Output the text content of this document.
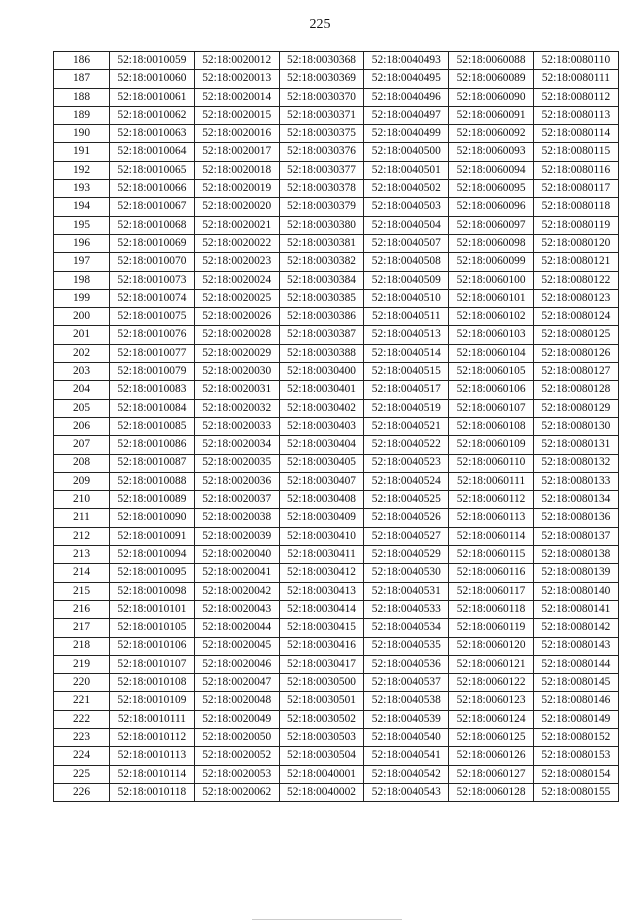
225
186	52:18:0010059	52:18:0020012	52:18:0030368	52:18:0040493	52:18:0060088	52:18:0080110
187	52:18:0010060	52:18:0020013	52:18:0030369	52:18:0040495	52:18:0060089	52:18:0080111
188	52:18:0010061	52:18:0020014	52:18:0030370	52:18:0040496	52:18:0060090	52:18:0080112
189	52:18:0010062	52:18:0020015	52:18:0030371	52:18:0040497	52:18:0060091	52:18:0080113
190	52:18:0010063	52:18:0020016	52:18:0030375	52:18:0040499	52:18:0060092	52:18:0080114
191	52:18:0010064	52:18:0020017	52:18:0030376	52:18:0040500	52:18:0060093	52:18:0080115
192	52:18:0010065	52:18:0020018	52:18:0030377	52:18:0040501	52:18:0060094	52:18:0080116
193	52:18:0010066	52:18:0020019	52:18:0030378	52:18:0040502	52:18:0060095	52:18:0080117
194	52:18:0010067	52:18:0020020	52:18:0030379	52:18:0040503	52:18:0060096	52:18:0080118
195	52:18:0010068	52:18:0020021	52:18:0030380	52:18:0040504	52:18:0060097	52:18:0080119
196	52:18:0010069	52:18:0020022	52:18:0030381	52:18:0040507	52:18:0060098	52:18:0080120
197	52:18:0010070	52:18:0020023	52:18:0030382	52:18:0040508	52:18:0060099	52:18:0080121
198	52:18:0010073	52:18:0020024	52:18:0030384	52:18:0040509	52:18:0060100	52:18:0080122
199	52:18:0010074	52:18:0020025	52:18:0030385	52:18:0040510	52:18:0060101	52:18:0080123
200	52:18:0010075	52:18:0020026	52:18:0030386	52:18:0040511	52:18:0060102	52:18:0080124
201	52:18:0010076	52:18:0020028	52:18:0030387	52:18:0040513	52:18:0060103	52:18:0080125
202	52:18:0010077	52:18:0020029	52:18:0030388	52:18:0040514	52:18:0060104	52:18:0080126
203	52:18:0010079	52:18:0020030	52:18:0030400	52:18:0040515	52:18:0060105	52:18:0080127
204	52:18:0010083	52:18:0020031	52:18:0030401	52:18:0040517	52:18:0060106	52:18:0080128
205	52:18:0010084	52:18:0020032	52:18:0030402	52:18:0040519	52:18:0060107	52:18:0080129
206	52:18:0010085	52:18:0020033	52:18:0030403	52:18:0040521	52:18:0060108	52:18:0080130
207	52:18:0010086	52:18:0020034	52:18:0030404	52:18:0040522	52:18:0060109	52:18:0080131
208	52:18:0010087	52:18:0020035	52:18:0030405	52:18:0040523	52:18:0060110	52:18:0080132
209	52:18:0010088	52:18:0020036	52:18:0030407	52:18:0040524	52:18:0060111	52:18:0080133
210	52:18:0010089	52:18:0020037	52:18:0030408	52:18:0040525	52:18:0060112	52:18:0080134
211	52:18:0010090	52:18:0020038	52:18:0030409	52:18:0040526	52:18:0060113	52:18:0080136
212	52:18:0010091	52:18:0020039	52:18:0030410	52:18:0040527	52:18:0060114	52:18:0080137
213	52:18:0010094	52:18:0020040	52:18:0030411	52:18:0040529	52:18:0060115	52:18:0080138
214	52:18:0010095	52:18:0020041	52:18:0030412	52:18:0040530	52:18:0060116	52:18:0080139
215	52:18:0010098	52:18:0020042	52:18:0030413	52:18:0040531	52:18:0060117	52:18:0080140
216	52:18:0010101	52:18:0020043	52:18:0030414	52:18:0040533	52:18:0060118	52:18:0080141
217	52:18:0010105	52:18:0020044	52:18:0030415	52:18:0040534	52:18:0060119	52:18:0080142
218	52:18:0010106	52:18:0020045	52:18:0030416	52:18:0040535	52:18:0060120	52:18:0080143
219	52:18:0010107	52:18:0020046	52:18:0030417	52:18:0040536	52:18:0060121	52:18:0080144
220	52:18:0010108	52:18:0020047	52:18:0030500	52:18:0040537	52:18:0060122	52:18:0080145
221	52:18:0010109	52:18:0020048	52:18:0030501	52:18:0040538	52:18:0060123	52:18:0080146
222	52:18:0010111	52:18:0020049	52:18:0030502	52:18:0040539	52:18:0060124	52:18:0080149
223	52:18:0010112	52:18:0020050	52:18:0030503	52:18:0040540	52:18:0060125	52:18:0080152
224	52:18:0010113	52:18:0020052	52:18:0030504	52:18:0040541	52:18:0060126	52:18:0080153
225	52:18:0010114	52:18:0020053	52:18:0040001	52:18:0040542	52:18:0060127	52:18:0080154
226	52:18:0010118	52:18:0020062	52:18:0040002	52:18:0040543	52:18:0060128	52:18:0080155
